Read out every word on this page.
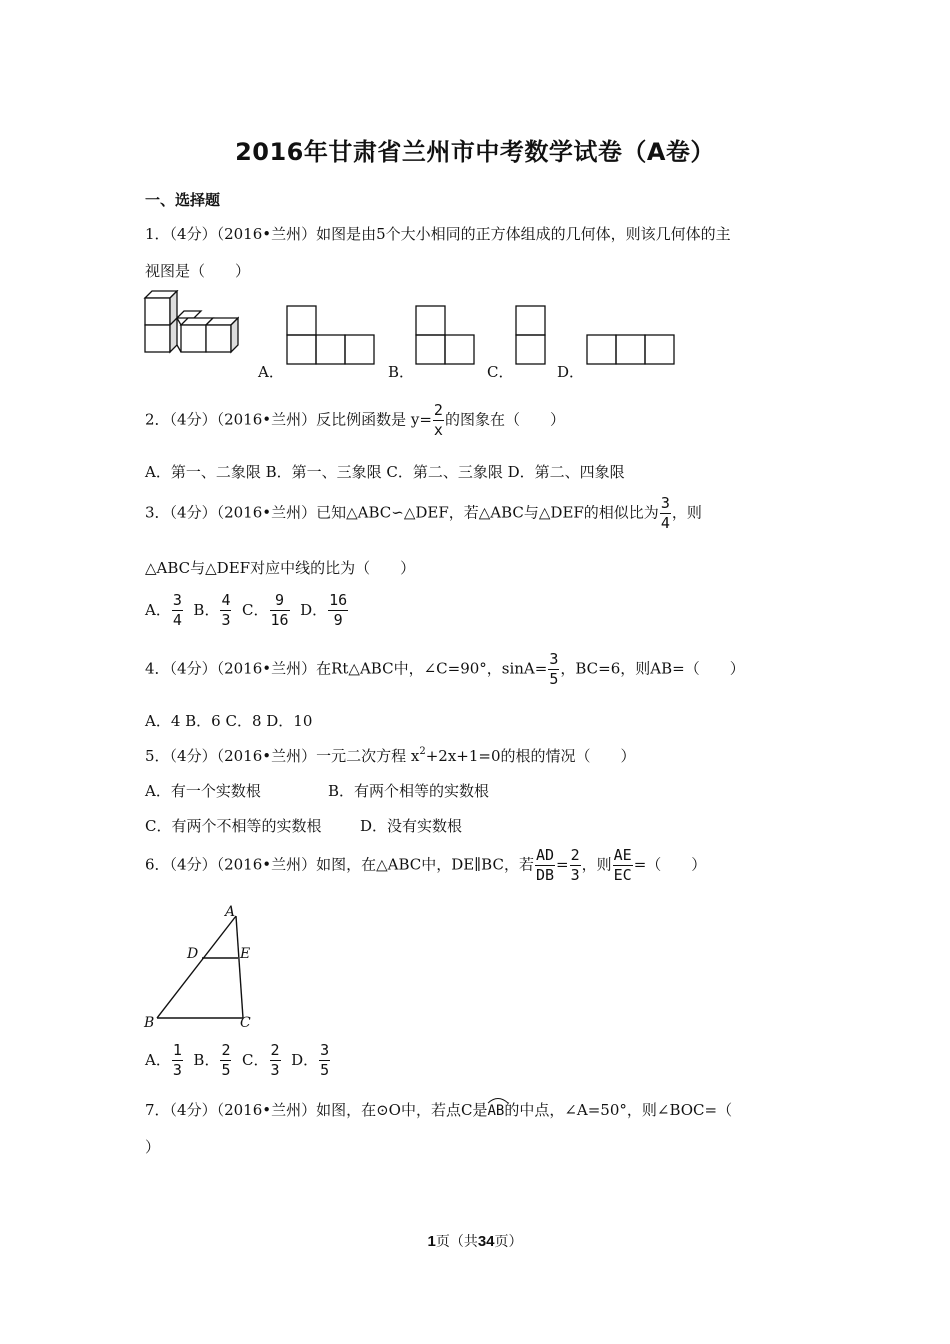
2016年甘肃省兰州市中考数学试卷（A卷）
一、选择题
1．（4分）（2016•兰州）如图是由5个大小相同的正方体组成的几何体，则该几何体的主
视图是（　　）
A．	B．	C．	D．
2．（4分）（2016•兰州）反比例函数是 $y= \frac{2}{x}$ 的图象在（　　）
A．第一、二象限 B．第一、三象限 C．第二、三象限 D．第二、四象限
3．（4分）（2016•兰州）已知△ABC∽△DEF，若△ABC与△DEF的相似比为 $\frac{3}{4}$ ，则
△ABC与△DEF对应中线的比为（　　）
A． $\frac{3}{4}$ B． $\frac{4}{3}$ C． $\frac{9}{16}$ D． $\frac{16}{9}$
4．（4分）（2016•兰州）在Rt△ABC中，∠C=90°，$\sin A= \frac{3}{5}$ ，BC=6，则AB=（　　）
A．4 B．6 C．8 D．10
5．（4分）（2016•兰州）一元二次方程 $x^2+2x+1=0$的根的情况（　　）
A．有一个实数根	B．有两个相等的实数根
C．有两个不相等的实数根	D．没有实数根
6．（4分）（2016•兰州）如图，在△ABC中，DE∥BC，若 $\frac{AD}{DB} = \frac{2}{3}$ ，则 $\frac{AE}{EC}$ =（　　）
A
D	E
B	C
A． $\frac{1}{3}$ B． $\frac{2}{5}$ C． $\frac{2}{3}$ D． $\frac{3}{5}$
7．（4分）（2016•兰州）如图，在⊙O中，若点C是
AB的中点，∠A=50°，则∠BOC=（
）
1页（共34页）
